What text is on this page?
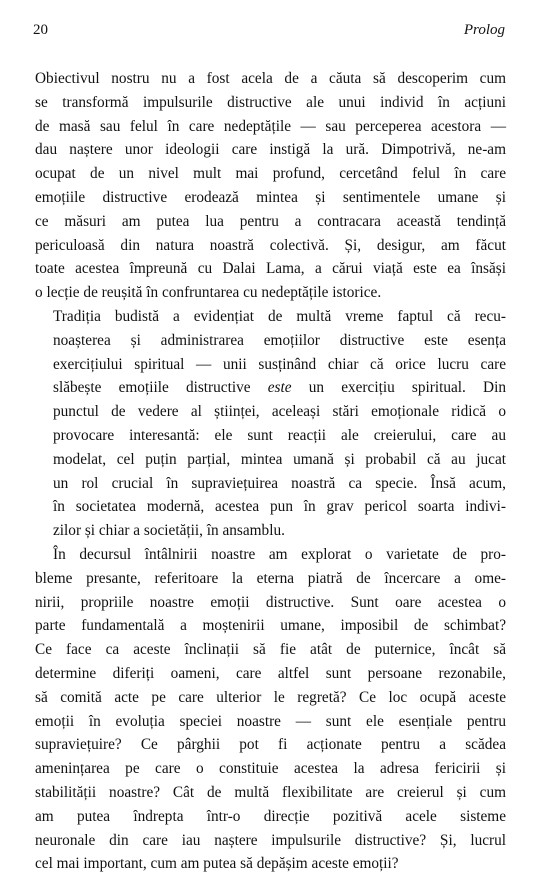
20	Prolog

Obiectivul nostru nu a fost acela de a căuta să descoperim cum
se transformă impulsurile distructive ale unui individ în acțiuni
de masă sau felul în care nedeptățile — sau perceperea acestora —
dau naștere unor ideologii care instigă la ură. Dimpotrivă, ne-am
ocupat de un nivel mult mai profund, cercetând felul în care
emoțiile distructive erodează mintea și sentimentele umane și
ce măsuri am putea lua pentru a contracara această tendință
periculoasă din natura noastră colectivă. Și, desigur, am făcut
toate acestea împreună cu Dalai Lama, a cărui viață este ea însăși
o lecție de reușită în confruntarea cu nedeptățile istorice.

Tradiția budistă a evidențiat de multă vreme faptul că recu-
noașterea și administrarea emoțiilor distructive este esența
exercițiului spiritual — unii susținând chiar că orice lucru care
slăbește emoțiile distructive este un exercițiu spiritual. Din
punctul de vedere al științei, aceleași stări emoționale ridică o
provocare interesantă: ele sunt reacții ale creierului, care au
modelat, cel puțin parțial, mintea umană și probabil că au jucat
un rol crucial în supraviețuirea noastră ca specie. Însă acum,
în societatea modernă, acestea pun în grav pericol soarta indivi-
zilor și chiar a societății, în ansamblu.

În decursul întâlnirii noastre am explorat o varietate de pro-
bleme presante, referitoare la eterna piatră de încercare a ome-
nirii, propriile noastre emoții distructive. Sunt oare acestea o
parte fundamentală a moștenirii umane, imposibil de schimbat?
Ce face ca aceste înclinații să fie atât de puternice, încât să
determine diferiți oameni, care altfel sunt persoane rezonabile,
să comită acte pe care ulterior le regretă? Ce loc ocupă aceste
emoții în evoluția speciei noastre — sunt ele esențiale pentru
supraviețuire? Ce pârghii pot fi acționate pentru a scădea
amenințarea pe care o constituie acestea la adresa fericirii și
stabilității noastre? Cât de multă flexibilitate are creierul și cum
am putea îndrepta într-o direcție pozitivă acele sisteme
neuronale din care iau naștere impulsurile distructive? Și, lucrul
cel mai important, cum am putea să depășim aceste emoții?
